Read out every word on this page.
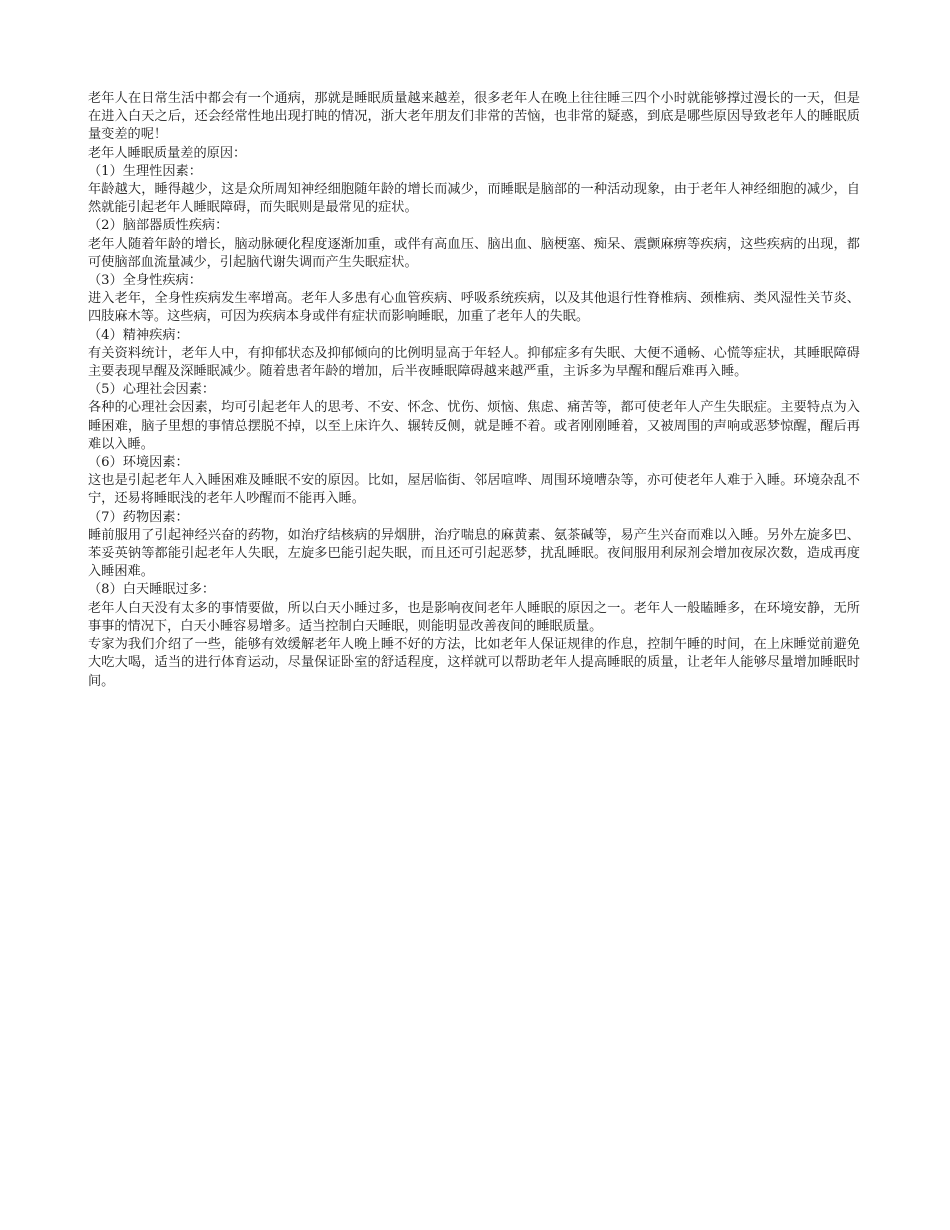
老年人在日常生活中都会有一个通病，那就是睡眠质量越来越差，很多老年人在晚上往往睡三四个小时就能够撑过漫长的一天，但是在进入白天之后，还会经常性地出现打盹的情况，浙大老年朋友们非常的苦恼，也非常的疑惑，到底是哪些原因导致老年人的睡眠质量变差的呢！

老年人睡眠质量差的原因：

（1）生理性因素：

年龄越大，睡得越少，这是众所周知神经细胞随年龄的增长而减少，而睡眠是脑部的一种活动现象，由于老年人神经细胞的减少，自然就能引起老年人睡眠障碍，而失眠则是最常见的症状。

（2）脑部器质性疾病：

老年人随着年龄的增长，脑动脉硬化程度逐渐加重，或伴有高血压、脑出血、脑梗塞、痴呆、震颤麻痹等疾病，这些疾病的出现，都可使脑部血流量减少，引起脑代谢失调而产生失眠症状。

（3）全身性疾病：

进入老年，全身性疾病发生率增高。老年人多患有心血管疾病、呼吸系统疾病，以及其他退行性脊椎病、颈椎病、类风湿性关节炎、四肢麻木等。这些病，可因为疾病本身或伴有症状而影响睡眠，加重了老年人的失眠。

（4）精神疾病：

有关资料统计，老年人中，有抑郁状态及抑郁倾向的比例明显高于年轻人。抑郁症多有失眠、大便不通畅、心慌等症状，其睡眠障碍主要表现早醒及深睡眠减少。随着患者年龄的增加，后半夜睡眠障碍越来越严重，主诉多为早醒和醒后难再入睡。

（5）心理社会因素：

各种的心理社会因素，均可引起老年人的思考、不安、怀念、忧伤、烦恼、焦虑、痛苦等，都可使老年人产生失眠症。主要特点为入睡困难，脑子里想的事情总摆脱不掉，以至上床许久、辗转反侧，就是睡不着。或者刚刚睡着，又被周围的声响或恶梦惊醒，醒后再难以入睡。

（6）环境因素：

这也是引起老年人入睡困难及睡眠不安的原因。比如，屋居临街、邻居喧哗、周围环境嘈杂等，亦可使老年人难于入睡。环境杂乱不宁，还易将睡眠浅的老年人吵醒而不能再入睡。

（7）药物因素：

睡前服用了引起神经兴奋的药物，如治疗结核病的异烟肼，治疗喘息的麻黄素、氨茶碱等，易产生兴奋而难以入睡。另外左旋多巴、苯妥英钠等都能引起老年人失眠，左旋多巴能引起失眠，而且还可引起恶梦，扰乱睡眠。夜间服用利尿剂会增加夜尿次数，造成再度入睡困难。

（8）白天睡眠过多：

老年人白天没有太多的事情要做，所以白天小睡过多，也是影响夜间老年人睡眠的原因之一。老年人一般瞌睡多，在环境安静，无所事事的情况下，白天小睡容易增多。适当控制白天睡眠，则能明显改善夜间的睡眠质量。

专家为我们介绍了一些，能够有效缓解老年人晚上睡不好的方法，比如老年人保证规律的作息，控制午睡的时间，在上床睡觉前避免大吃大喝，适当的进行体育运动，尽量保证卧室的舒适程度，这样就可以帮助老年人提高睡眠的质量，让老年人能够尽量增加睡眠时间。
